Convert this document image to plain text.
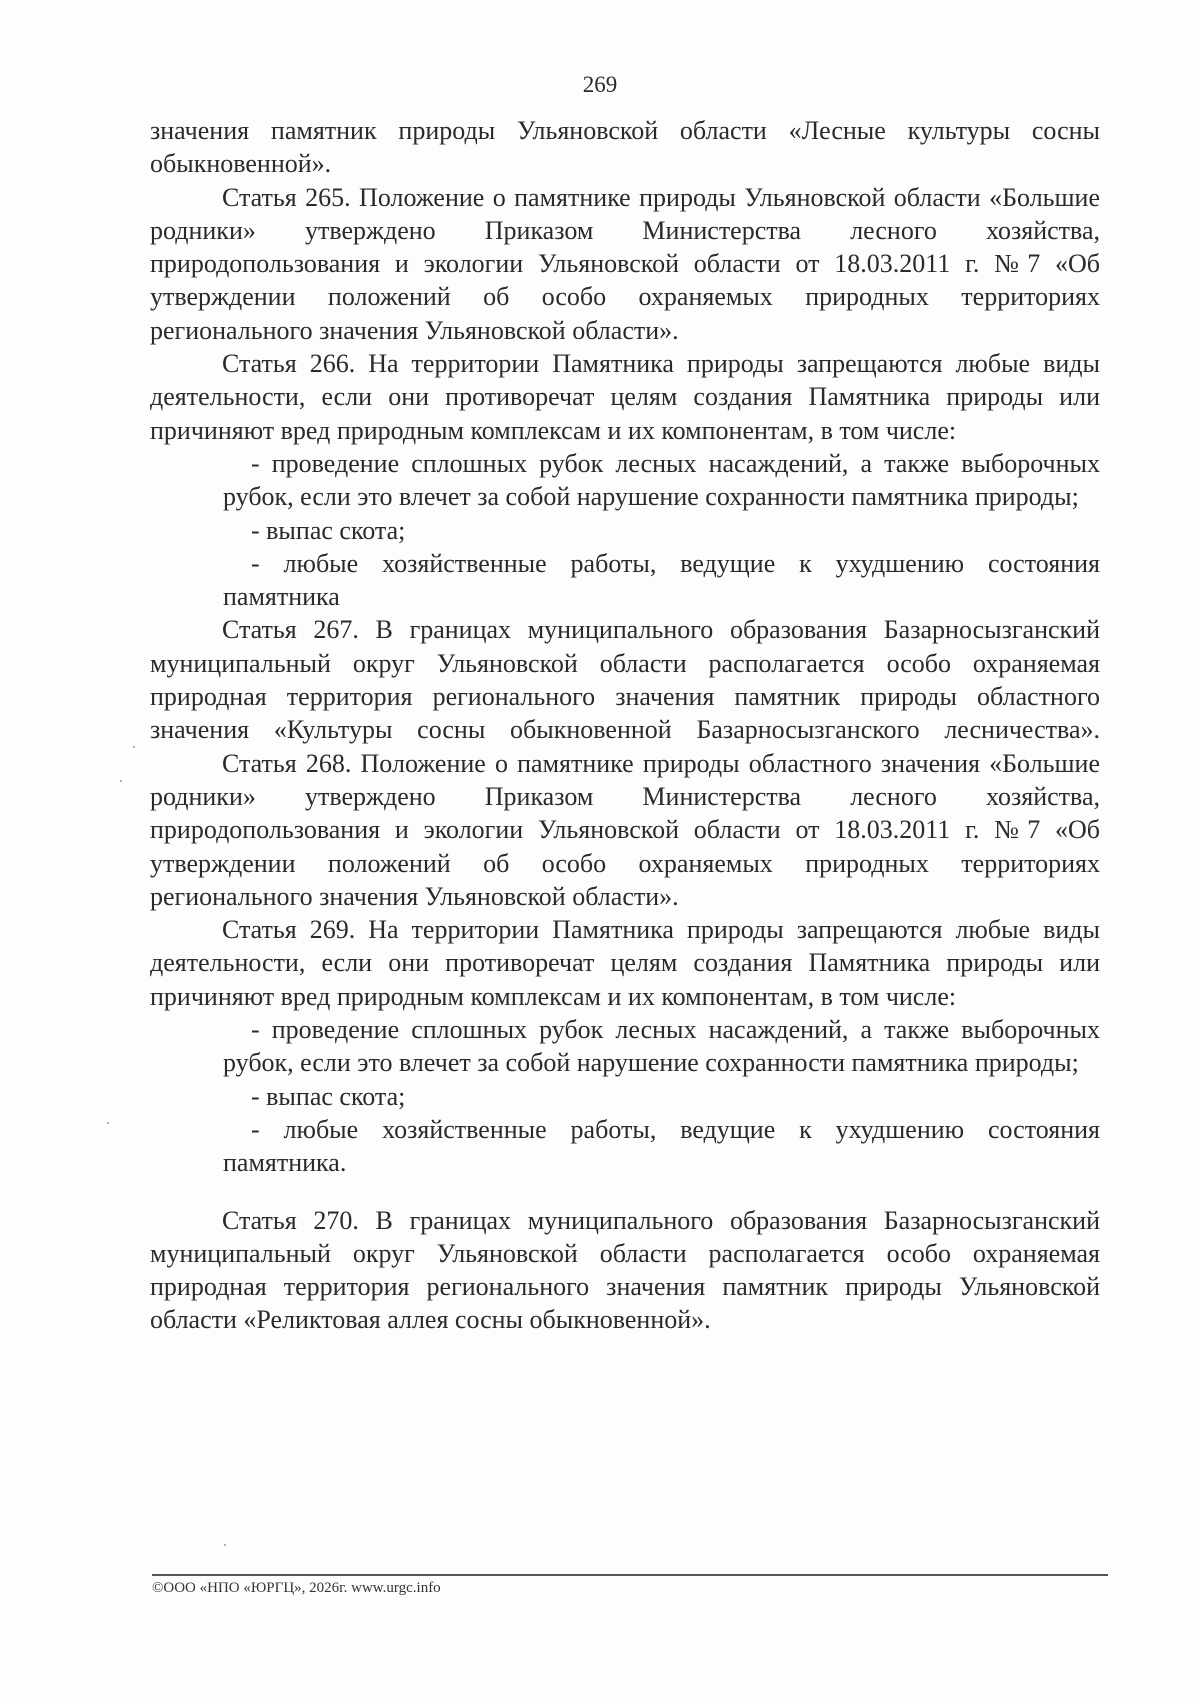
269

значения памятник природы Ульяновской области «Лесные культуры сосны обыкновенной».

Статья 265. Положение о памятнике природы Ульяновской области «Большие родники» утверждено Приказом Министерства лесного хозяйства, природопользования и экологии Ульяновской области от 18.03.2011 г. №7 «Об утверждении положений об особо охраняемых природных территориях регионального значения Ульяновской области».

Статья 266. На территории Памятника природы запрещаются любые виды деятельности, если они противоречат целям создания Памятника природы или причиняют вред природным комплексам и их компонентам, в том числе:

- проведение сплошных рубок лесных насаждений, а также выборочных рубок, если это влечет за собой нарушение сохранности памятника природы;

- выпас скота;

- любые хозяйственные работы, ведущие к ухудшению состояния памятника

Статья 267. В границах муниципального образования Базарносызганский муниципальный округ Ульяновской области располагается особо охраняемая природная территория регионального значения памятник природы областного значения «Культуры сосны обыкновенной Базарносызганского лесничества».

Статья 268. Положение о памятнике природы областного значения «Большие родники» утверждено Приказом Министерства лесного хозяйства, природопользования и экологии Ульяновской области от 18.03.2011 г. №7 «Об утверждении положений об особо охраняемых природных территориях регионального значения Ульяновской области».

Статья 269. На территории Памятника природы запрещаются любые виды деятельности, если они противоречат целям создания Памятника природы или причиняют вред природным комплексам и их компонентам, в том числе:

- проведение сплошных рубок лесных насаждений, а также выборочных рубок, если это влечет за собой нарушение сохранности памятника природы;

- выпас скота;

- любые хозяйственные работы, ведущие к ухудшению состояния памятника.

Статья 270. В границах муниципального образования Базарносызганский муниципальный округ Ульяновской области располагается особо охраняемая природная территория регионального значения памятник природы Ульяновской области «Реликтовая аллея сосны обыкновенной».

©ООО «НПО «ЮРГЦ», 2026г. www.urgc.info
